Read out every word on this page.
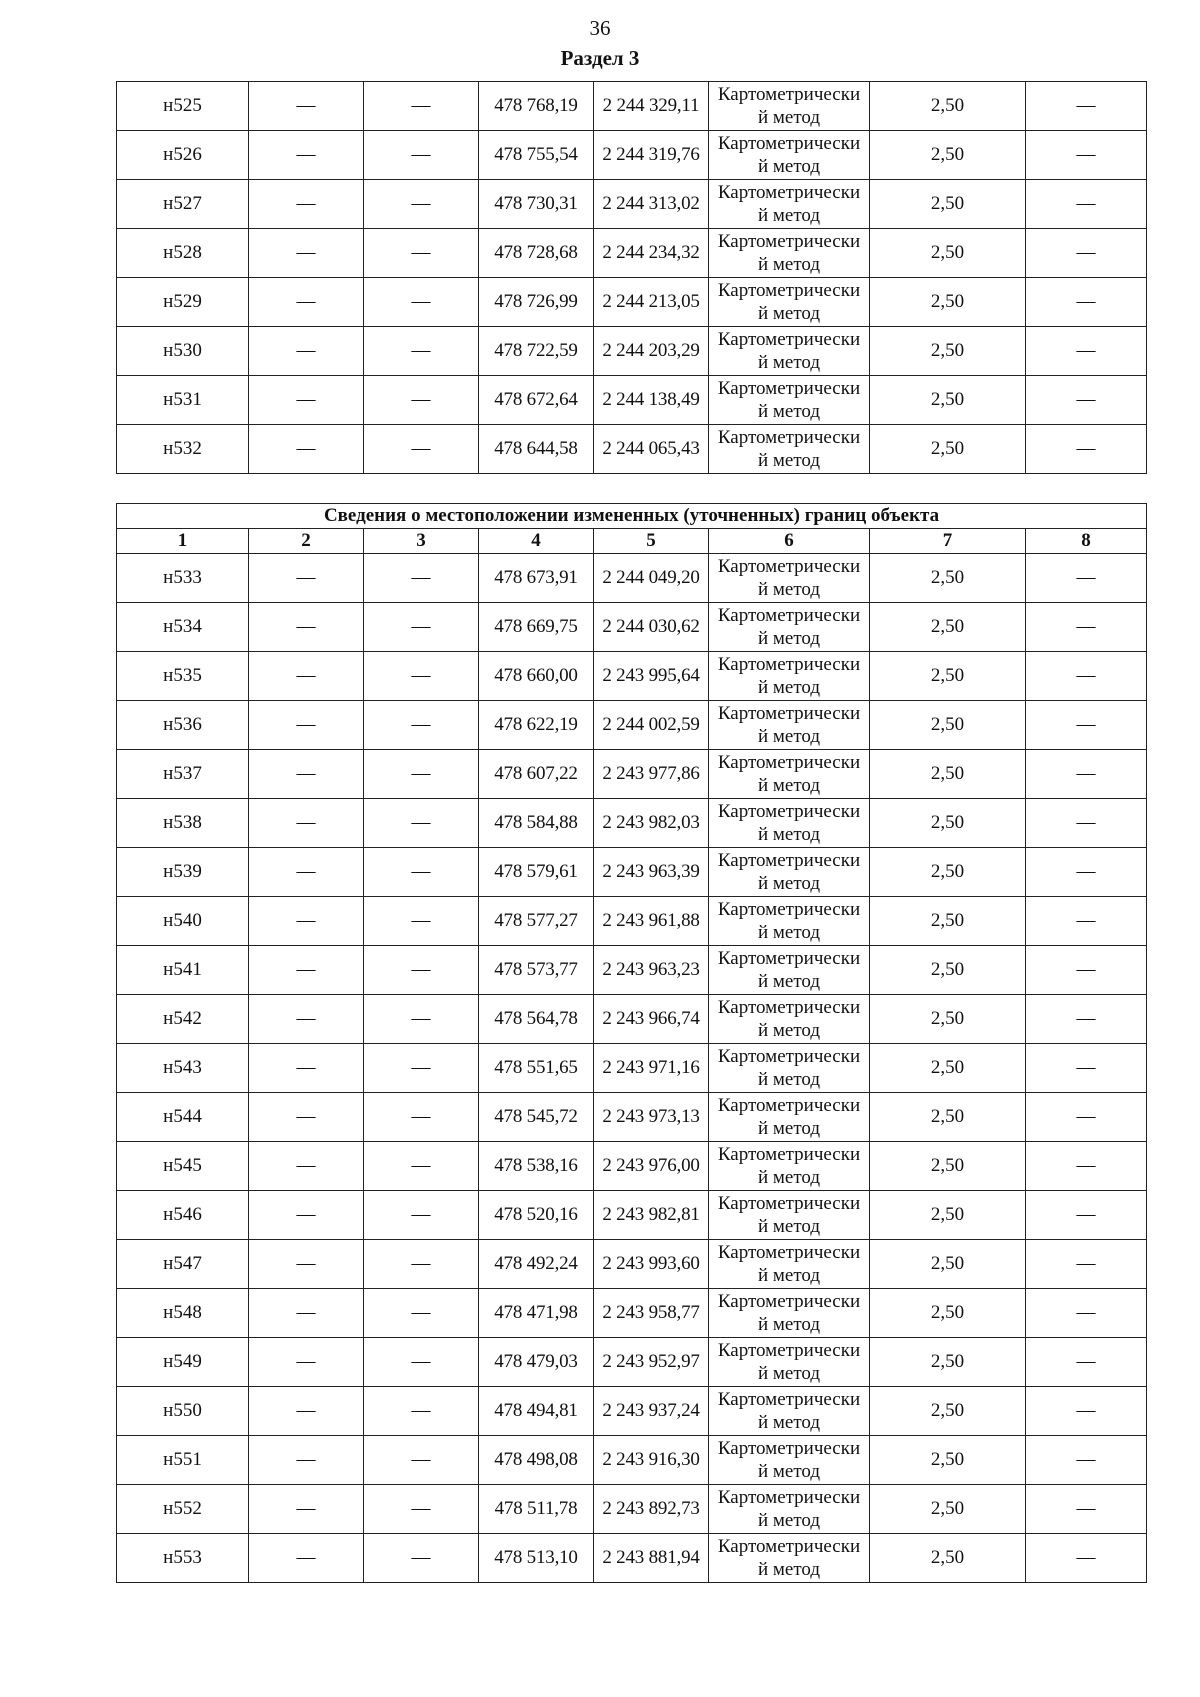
36
Раздел 3
н525	—	—	478 768,19	2 244 329,11	Картометрически
й метод	2,50	—
н526	—	—	478 755,54	2 244 319,76	Картометрически
й метод	2,50	—
н527	—	—	478 730,31	2 244 313,02	Картометрически
й метод	2,50	—
н528	—	—	478 728,68	2 244 234,32	Картометрически
й метод	2,50	—
н529	—	—	478 726,99	2 244 213,05	Картометрически
й метод	2,50	—
н530	—	—	478 722,59	2 244 203,29	Картометрически
й метод	2,50	—
н531	—	—	478 672,64	2 244 138,49	Картометрически
й метод	2,50	—
н532	—	—	478 644,58	2 244 065,43	Картометрически
й метод	2,50	—
Сведения о местоположении измененных (уточненных) границ объекта							
1	2	3	4	5	6	7	8
н533	—	—	478 673,91	2 244 049,20	Картометрически
й метод	2,50	—
н534	—	—	478 669,75	2 244 030,62	Картометрически
й метод	2,50	—
н535	—	—	478 660,00	2 243 995,64	Картометрически
й метод	2,50	—
н536	—	—	478 622,19	2 244 002,59	Картометрически
й метод	2,50	—
н537	—	—	478 607,22	2 243 977,86	Картометрически
й метод	2,50	—
н538	—	—	478 584,88	2 243 982,03	Картометрически
й метод	2,50	—
н539	—	—	478 579,61	2 243 963,39	Картометрически
й метод	2,50	—
н540	—	—	478 577,27	2 243 961,88	Картометрически
й метод	2,50	—
н541	—	—	478 573,77	2 243 963,23	Картометрически
й метод	2,50	—
н542	—	—	478 564,78	2 243 966,74	Картометрически
й метод	2,50	—
н543	—	—	478 551,65	2 243 971,16	Картометрически
й метод	2,50	—
н544	—	—	478 545,72	2 243 973,13	Картометрически
й метод	2,50	—
н545	—	—	478 538,16	2 243 976,00	Картометрически
й метод	2,50	—
н546	—	—	478 520,16	2 243 982,81	Картометрически
й метод	2,50	—
н547	—	—	478 492,24	2 243 993,60	Картометрически
й метод	2,50	—
н548	—	—	478 471,98	2 243 958,77	Картометрически
й метод	2,50	—
н549	—	—	478 479,03	2 243 952,97	Картометрически
й метод	2,50	—
н550	—	—	478 494,81	2 243 937,24	Картометрически
й метод	2,50	—
н551	—	—	478 498,08	2 243 916,30	Картометрически
й метод	2,50	—
н552	—	—	478 511,78	2 243 892,73	Картометрически
й метод	2,50	—
н553	—	—	478 513,10	2 243 881,94	Картометрически
й метод	2,50	—
